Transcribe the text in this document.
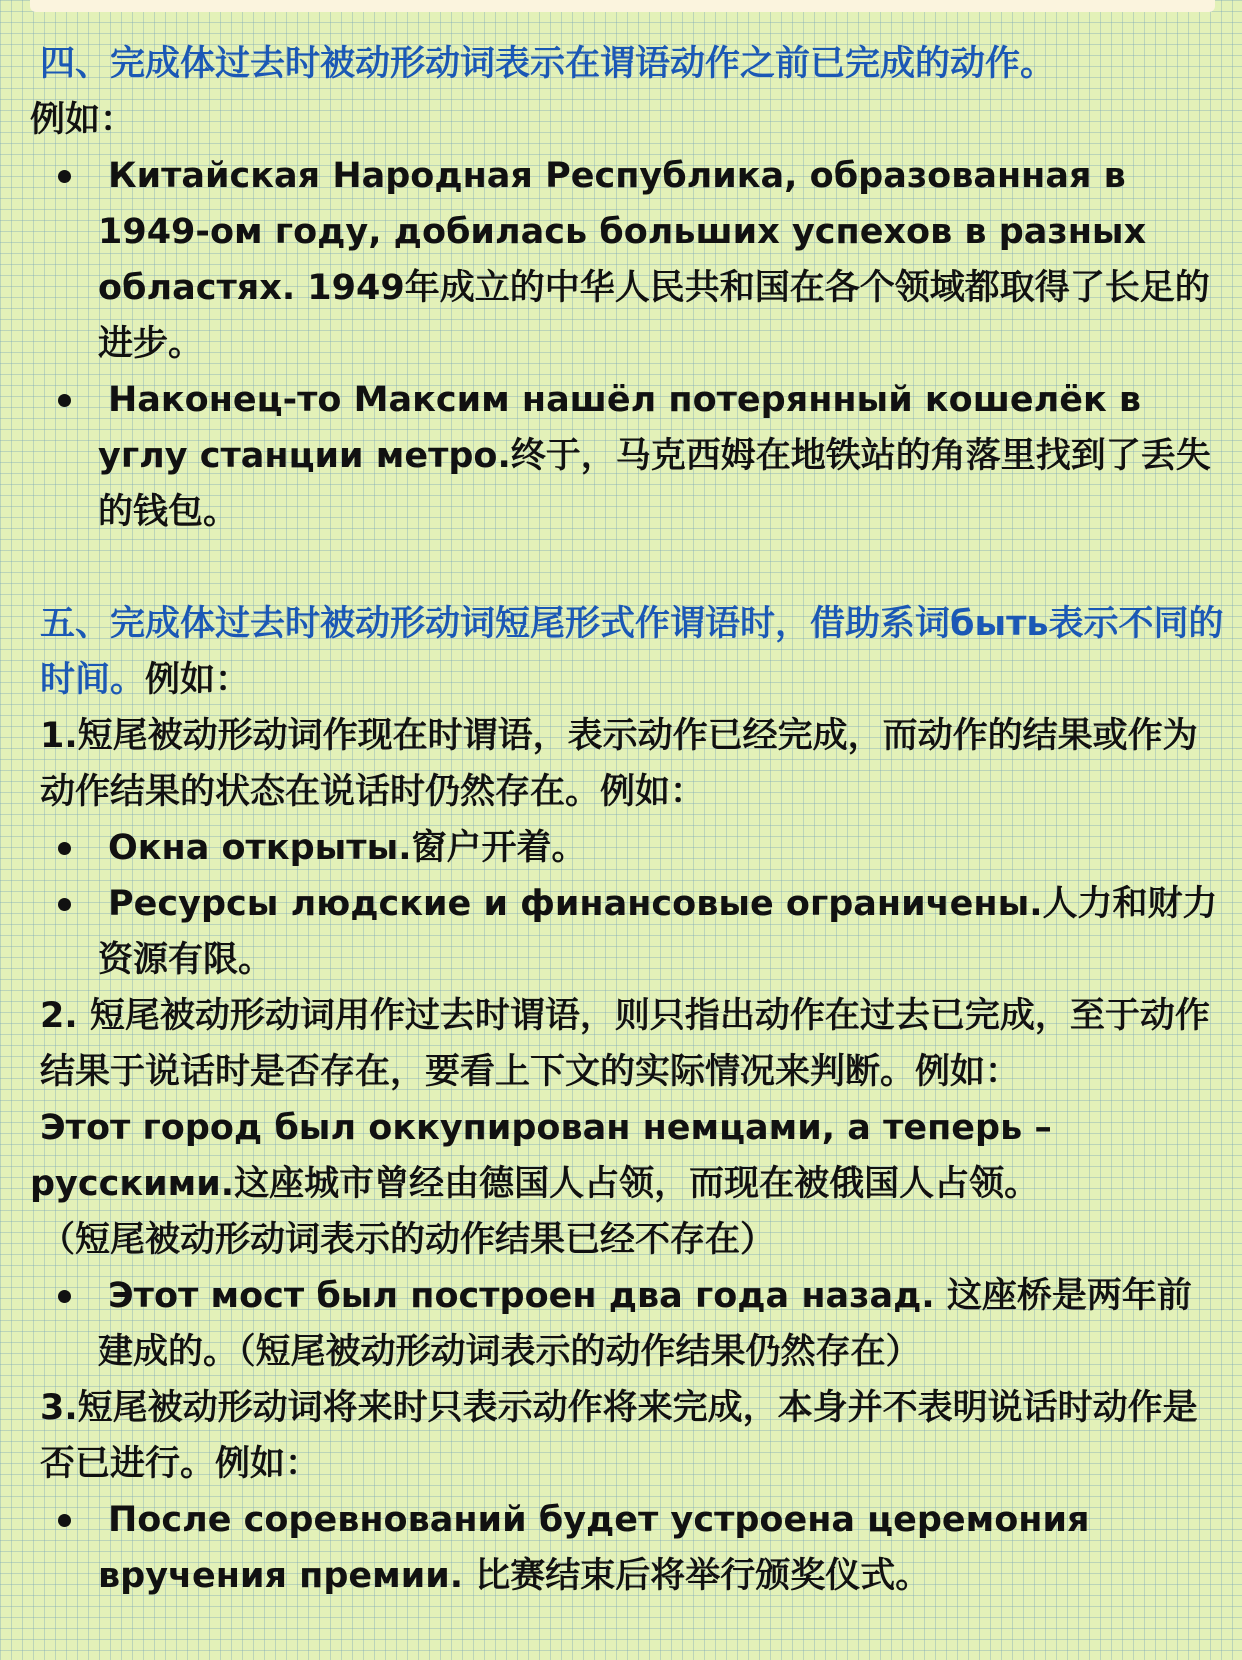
四、完成体过去时被动形动词表示在谓语动作之前已完成的动作。

例如：

Китайская Народная Республика, образованная в 1949-ом году, добилась больших успехов в разных областях. 1949年成立的中华人民共和国在各个领域都取得了长足的进步。
Наконец-то Максим нашёл потерянный кошелёк в углу станции метро.终于，马克西姆在地铁站的角落里找到了丢失的钱包。

五、完成体过去时被动形动词短尾形式作谓语时，借助系词быть表示不同的时间。例如：

1.短尾被动形动词作现在时谓语，表示动作已经完成，而动作的结果或作为动作结果的状态在说话时仍然存在。例如：

Окна открыты.窗户开着。
Ресурсы людские и финансовые ограничены.人力和财力资源有限。

2. 短尾被动形动词用作过去时谓语，则只指出动作在过去已完成，至于动作结果于说话时是否存在，要看上下文的实际情况来判断。例如：

Этот город был оккупирован немцами, а теперь –

русскими.这座城市曾经由德国人占领，而现在被俄国人占领。

（短尾被动形动词表示的动作结果已经不存在）

Этот мост был построен два года назад. 这座桥是两年前建成的。（短尾被动形动词表示的动作结果仍然存在）

3.短尾被动形动词将来时只表示动作将来完成，本身并不表明说话时动作是否已进行。例如：

После соревнований будет устроена церемония вручения премии. 比赛结束后将举行颁奖仪式。
